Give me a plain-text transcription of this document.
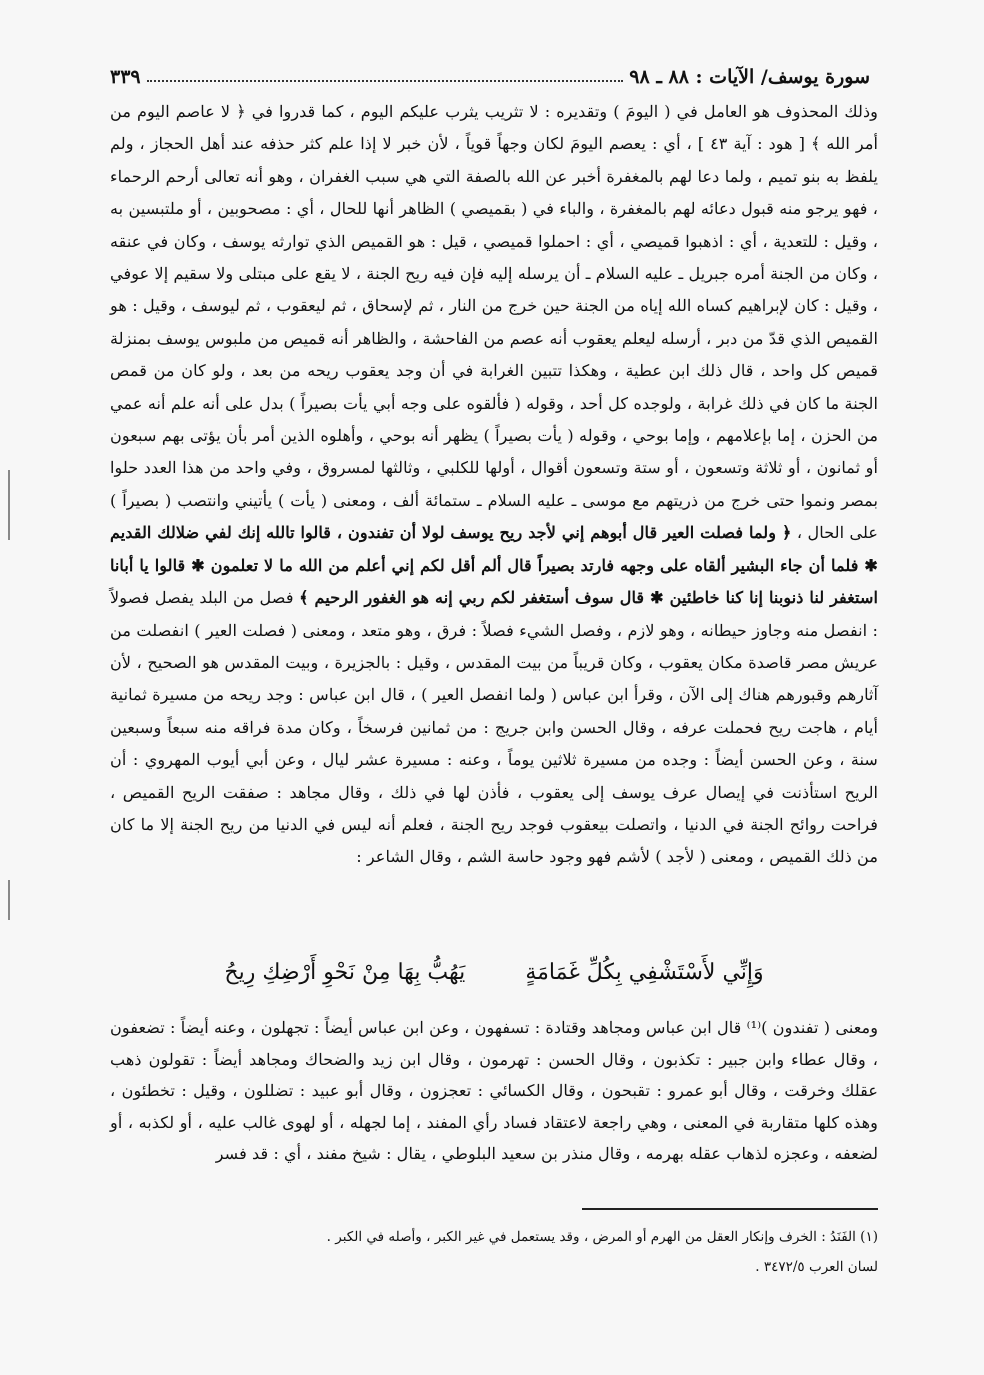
سورة يوسف/ الآيات : ٨٨ ـ ٩٨
٣٣٩

وذلك المحذوف هو العامل في ( اليومَ ) وتقديره : لا تثريب يثرب عليكم اليوم ، كما قدروا في ﴿ لا عاصم اليوم من أمر الله ﴾ [ هود : آية ٤٣ ] ، أي : يعصم اليومَ لكان وجهاً قوياً ، لأن خبر لا إذا علم كثر حذفه عند أهل الحجاز ، ولم يلفظ به بنو تميم ، ولما دعا لهم بالمغفرة أخبر عن الله بالصفة التي هي سبب الغفران ، وهو أنه تعالى أرحم الرحماء ، فهو يرجو منه قبول دعائه لهم بالمغفرة ، والباء في ( بقميصي ) الظاهر أنها للحال ، أي : مصحوبين ، أو ملتبسين به ، وقيل : للتعدية ، أي : اذهبوا قميصي ، أي : احملوا قميصي ، قيل : هو القميص الذي توارثه يوسف ، وكان في عنقه ، وكان من الجنة أمره جبريل ـ عليه السلام ـ أن يرسله إليه فإن فيه ريح الجنة ، لا يقع على مبتلى ولا سقيم إلا عوفي ، وقيل : كان لإبراهيم كساه الله إياه من الجنة حين خرج من النار ، ثم لإسحاق ، ثم ليعقوب ، ثم ليوسف ، وقيل : هو القميص الذي قدّ من دبر ، أرسله ليعلم يعقوب أنه عصم من الفاحشة ، والظاهر أنه قميص من ملبوس يوسف بمنزلة قميص كل واحد ، قال ذلك ابن عطية ، وهكذا تتبين الغرابة في أن وجد يعقوب ريحه من بعد ، ولو كان من قمص الجنة ما كان في ذلك غرابة ، ولوجده كل أحد ، وقوله ( فألقوه على وجه أبي يأت بصيراً ) بدل على أنه علم أنه عمي من الحزن ، إما بإعلامهم ، وإما بوحي ، وقوله ( يأت بصيراً ) يظهر أنه بوحي ، وأهلوه الذين أمر بأن يؤتى بهم سبعون أو ثمانون ، أو ثلاثة وتسعون ، أو ستة وتسعون أقوال ، أولها للكلبي ، وثالثها لمسروق ، وفي واحد من هذا العدد حلوا بمصر ونموا حتى خرج من ذريتهم مع موسى ـ عليه السلام ـ ستمائة ألف ، ومعنى ( يأت ) يأتيني وانتصب ( بصيراً ) على الحال ، ﴿ ولما فصلت العير قال أبوهم إني لأجد ريح يوسف لولا أن تفندون ، قالوا تالله إنك لفي ضلالك القديم ✱ فلما أن جاء البشير ألقاه على وجهه فارتد بصيراً قال ألم أقل لكم إني أعلم من الله ما لا تعلمون ✱ قالوا يا أبانا استغفر لنا ذنوبنا إنا كنا خاطئين ✱ قال سوف أستغفر لكم ربي إنه هو الغفور الرحيم ﴾ فصل من البلد يفصل فصولاً : انفصل منه وجاوز حيطانه ، وهو لازم ، وفصل الشيء فصلاً : فرق ، وهو متعد ، ومعنى ( فصلت العير ) انفصلت من عريش مصر قاصدة مكان يعقوب ، وكان قريباً من بيت المقدس ، وقيل : بالجزيرة ، وبيت المقدس هو الصحيح ، لأن آثارهم وقبورهم هناك إلى الآن ، وقرأ ابن عباس ( ولما انفصل العير ) ، قال ابن عباس : وجد ريحه من مسيرة ثمانية أيام ، هاجت ريح فحملت عرفه ، وقال الحسن وابن جريج : من ثمانين فرسخاً ، وكان مدة فراقه منه سبعاً وسبعين سنة ، وعن الحسن أيضاً : وجده من مسيرة ثلاثين يوماً ، وعنه : مسيرة عشر ليال ، وعن أبي أيوب المهروي : أن الريح استأذنت في إيصال عرف يوسف إلى يعقوب ، فأذن لها في ذلك ، وقال مجاهد : صفقت الريح القميص ، فراحت روائح الجنة في الدنيا ، واتصلت بيعقوب فوجد ريح الجنة ، فعلم أنه ليس في الدنيا من ريح الجنة إلا ما كان من ذلك القميص ، ومعنى ( لأجد ) لأشم فهو وجود حاسة الشم ، وقال الشاعر :

وَإِنِّي لأَسْتَشْفِي بِكُلِّ غَمَامَةٍ
يَهُبُّ بِهَا مِنْ نَحْوِ أَرْضِكِ رِيحُ

ومعنى ( تفندون )⁽¹⁾ قال ابن عباس ومجاهد وقتادة : تسفهون ، وعن ابن عباس أيضاً : تجهلون ، وعنه أيضاً : تضعفون ، وقال عطاء وابن جبير : تكذبون ، وقال الحسن : تهرمون ، وقال ابن زيد والضحاك ومجاهد أيضاً : تقولون ذهب عقلك وخرقت ، وقال أبو عمرو : تقبحون ، وقال الكسائي : تعجزون ، وقال أبو عبيد : تضللون ، وقيل : تخطئون ، وهذه كلها متقاربة في المعنى ، وهي راجعة لاعتقاد فساد رأي المفند ، إما لجهله ، أو لهوى غالب عليه ، أو لكذبه ، أو لضعفه ، وعجزه لذهاب عقله بهرمه ، وقال منذر بن سعيد البلوطي ، يقال : شيخ مفند ، أي : قد فسر

(١) الفَنَدُ : الخرف وإنكار العقل من الهرم أو المرض ، وقد يستعمل في غير الكبر ، وأصله في الكبر .
لسان العرب ٣٤٧٢/٥ .
